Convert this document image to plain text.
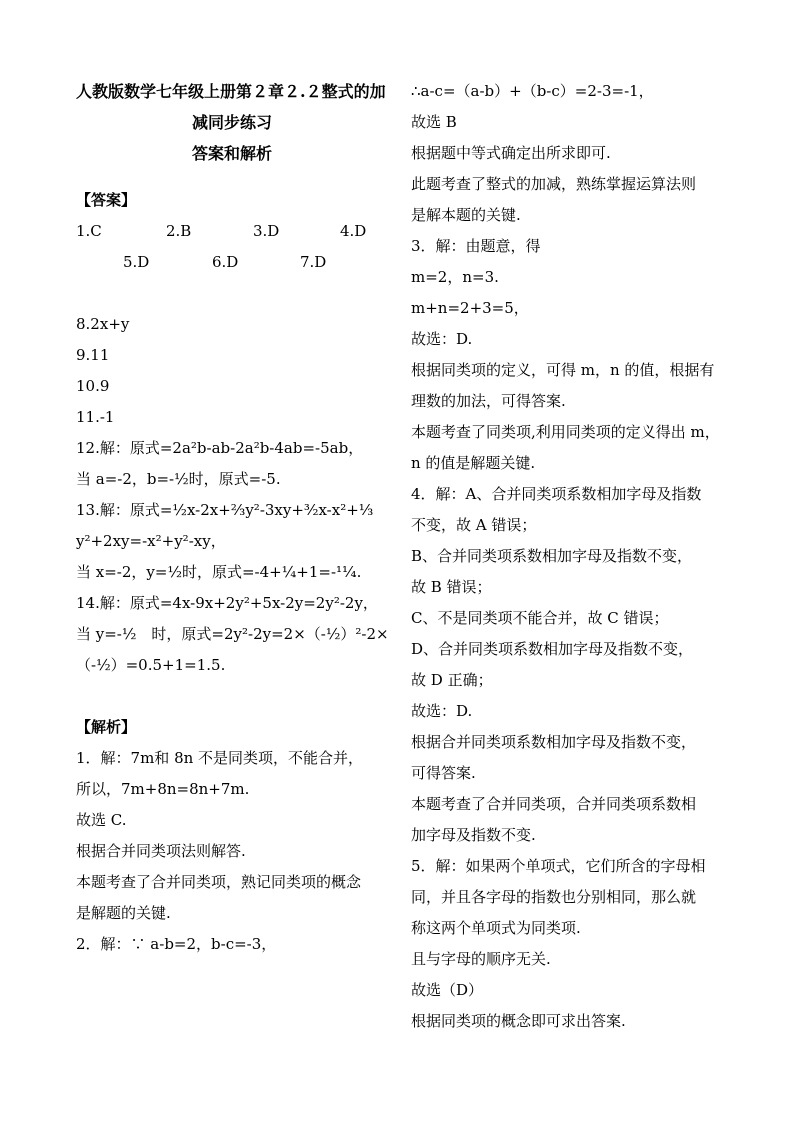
人教版数学七年级上册第２章２.２整式的加
减同步练习
答案和解析
【答案】
1.C	2.B	3.D	4.D
5.D	6.D	7.D
8.2x+y
9.11
10.9
11.-1
12.解：原式=2a²b-ab-2a²b-4ab=-5ab，
当 a=-2，b=-½时，原式=-5.
13.解：原式=½x-2x+⅔y²-3xy+³⁄₂x-x²+⅓
y²+2xy=-x²+y²-xy，
当 x=-2，y=½时，原式=-4+¼+1=-¹¹⁄₄.
14.解：原式=4x-9x+2y²+5x-2y=2y²-2y，
当 y=-½　时，原式=2y²-2y=2×（-½）²-2×
（-½）=0.5+1=1.5.
【解析】
1．解：7m和 8n 不是同类项，不能合并，
所以，7m+8n=8n+7m.
故选 C.
根据合并同类项法则解答.
本题考查了合并同类项，熟记同类项的概念
是解题的关键.
2．解：∵ a-b=2，b-c=-3，
∴a-c=（a-b）+（b-c）=2-3=-1，
故选 B
根据题中等式确定出所求即可.
此题考查了整式的加减，熟练掌握运算法则
是解本题的关键.
3．解：由题意，得
m=2，n=3.
m+n=2+3=5，
故选：D.
根据同类项的定义，可得 m，n 的值，根据有
理数的加法，可得答案.
本题考查了同类项,利用同类项的定义得出 m，
n 的值是解题关键.
4．解：A、合并同类项系数相加字母及指数
不变，故 A 错误；
B、合并同类项系数相加字母及指数不变，
故 B 错误；
C、不是同类项不能合并，故 C 错误；
D、合并同类项系数相加字母及指数不变，
故 D 正确；
故选：D.
根据合并同类项系数相加字母及指数不变，
可得答案.
本题考查了合并同类项，合并同类项系数相
加字母及指数不变.
5．解：如果两个单项式，它们所含的字母相
同，并且各字母的指数也分别相同，那么就
称这两个单项式为同类项.
且与字母的顺序无关.
故选（D）
根据同类项的概念即可求出答案.
